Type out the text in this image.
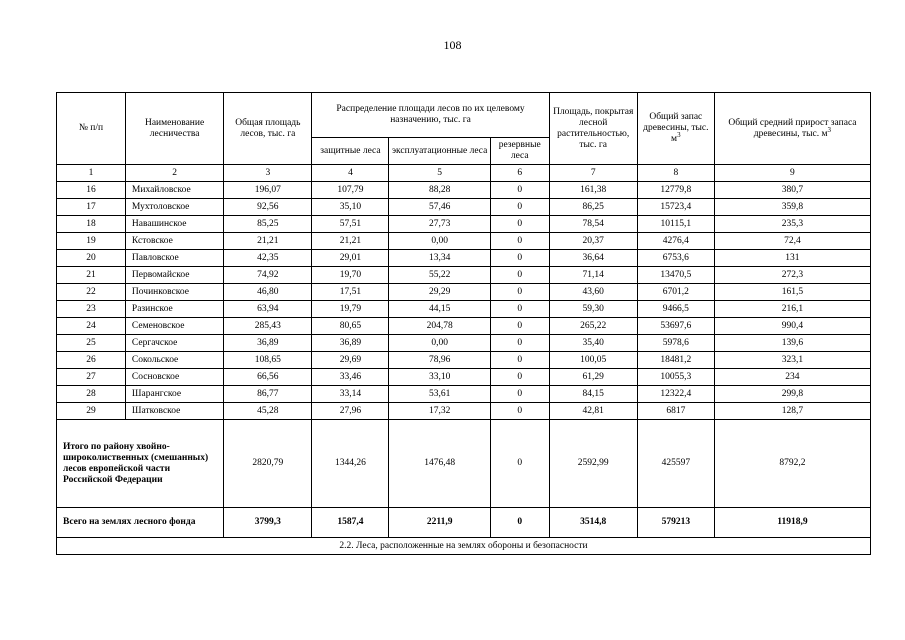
108
№ п/п	Наименование лесничества	Общая площадь лесов, тыс. га	Распределение площади лесов по их целевому назначению, тыс. га			Площадь, покрытая лесной растительностью, тыс. га	Общий запас древесины, тыс. $м^3$	Общий средний прирост запаса древесины, тыс. $м^3$
			защитные леса	эксплуатационные леса	резервные леса			
1	2	3	4	5	6	7	8	9
16	Михайловское	196,07	107,79	88,28	0	161,38	12779,8	380,7
17	Мухтоловское	92,56	35,10	57,46	0	86,25	15723,4	359,8
18	Навашинское	85,25	57,51	27,73	0	78,54	10115,1	235,3
19	Кстовское	21,21	21,21	0,00	0	20,37	4276,4	72,4
20	Павловское	42,35	29,01	13,34	0	36,64	6753,6	131
21	Первомайское	74,92	19,70	55,22	0	71,14	13470,5	272,3
22	Починковское	46,80	17,51	29,29	0	43,60	6701,2	161,5
23	Разинское	63,94	19,79	44,15	0	59,30	9466,5	216,1
24	Семеновское	285,43	80,65	204,78	0	265,22	53697,6	990,4
25	Сергачское	36,89	36,89	0,00	0	35,40	5978,6	139,6
26	Сокольское	108,65	29,69	78,96	0	100,05	18481,2	323,1
27	Сосновское	66,56	33,46	33,10	0	61,29	10055,3	234
28	Шарангское	86,77	33,14	53,61	0	84,15	12322,4	299,8
29	Шатковское	45,28	27,96	17,32	0	42,81	6817	128,7
Итого по району хвойно-широколиственных (смешанных) лесов европейской части Российской Федерации		2820,79	1344,26	1476,48	0	2592,99	425597	8792,2
Всего на землях лесного фонда		3799,3	1587,4	2211,9	0	3514,8	579213	11918,9
2.2. Леса, расположенные на землях обороны и безопасности								
